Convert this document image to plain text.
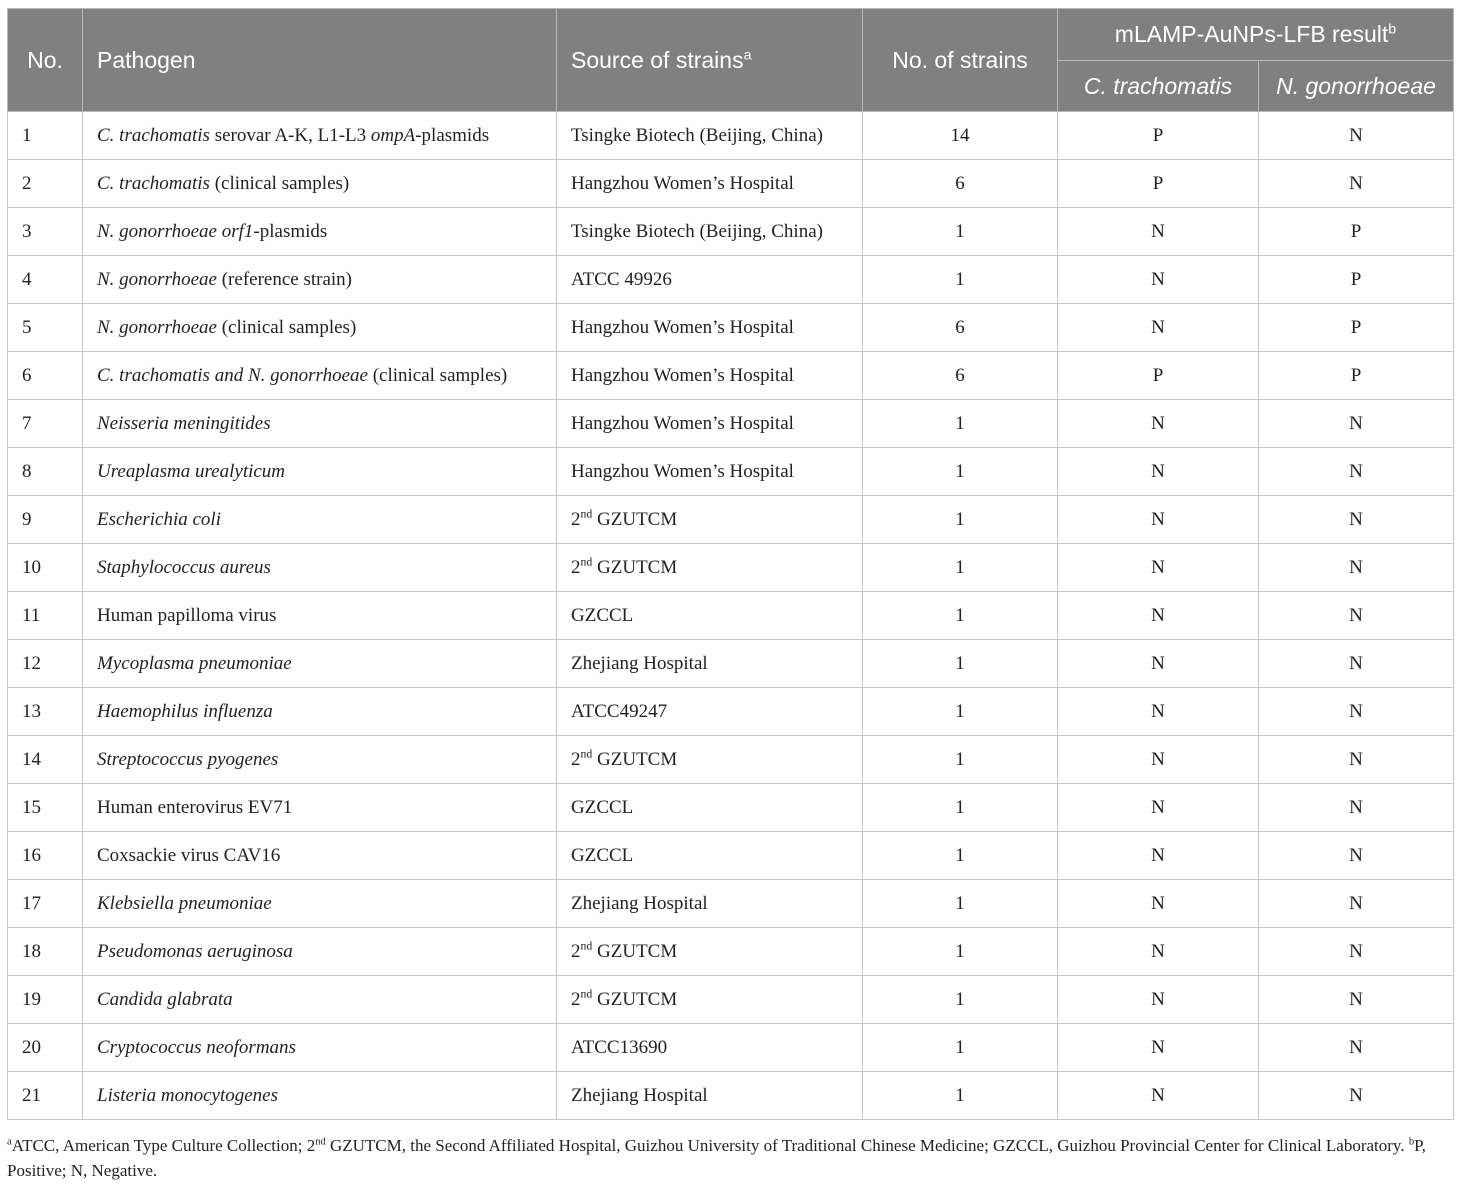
No.	Pathogen	Source of strains$^a$	No. of strains	mLAMP-AuNPs-LFB result$^b$
				C. trachomatis	N. gonorrhoeae
1	C. trachomatis serovar A-K, L1-L3 ompA-plasmids	Tsingke Biotech (Beijing, China)	14	P	N
2	C. trachomatis (clinical samples)	Hangzhou Women’s Hospital	6	P	N
3	N. gonorrhoeae orf1-plasmids	Tsingke Biotech (Beijing, China)	1	N	P
4	N. gonorrhoeae (reference strain)	ATCC 49926	1	N	P
5	N. gonorrhoeae (clinical samples)	Hangzhou Women’s Hospital	6	N	P
6	C. trachomatis and N. gonorrhoeae (clinical samples)	Hangzhou Women’s Hospital	6	P	P
7	Neisseria meningitides	Hangzhou Women’s Hospital	1	N	N
8	Ureaplasma urealyticum	Hangzhou Women’s Hospital	1	N	N
9	Escherichia coli	2nd GZUTCM	1	N	N
10	Staphylococcus aureus	2nd GZUTCM	1	N	N
11	Human papilloma virus	GZCCL	1	N	N
12	Mycoplasma pneumoniae	Zhejiang Hospital	1	N	N
13	Haemophilus influenza	ATCC49247	1	N	N
14	Streptococcus pyogenes	2nd GZUTCM	1	N	N
15	Human enterovirus EV71	GZCCL	1	N	N
16	Coxsackie virus CAV16	GZCCL	1	N	N
17	Klebsiella pneumoniae	Zhejiang Hospital	1	N	N
18	Pseudomonas aeruginosa	2nd GZUTCM	1	N	N
19	Candida glabrata	2nd GZUTCM	1	N	N
20	Cryptococcus neoformans	ATCC13690	1	N	N
21	Listeria monocytogenes	Zhejiang Hospital	1	N	N
$^a$ATCC, American Type Culture Collection; 2nd GZUTCM, the Second Affiliated Hospital, Guizhou University of Traditional Chinese Medicine; GZCCL, Guizhou Provincial Center for Clinical Laboratory. $^b$P, Positive; N, Negative.
